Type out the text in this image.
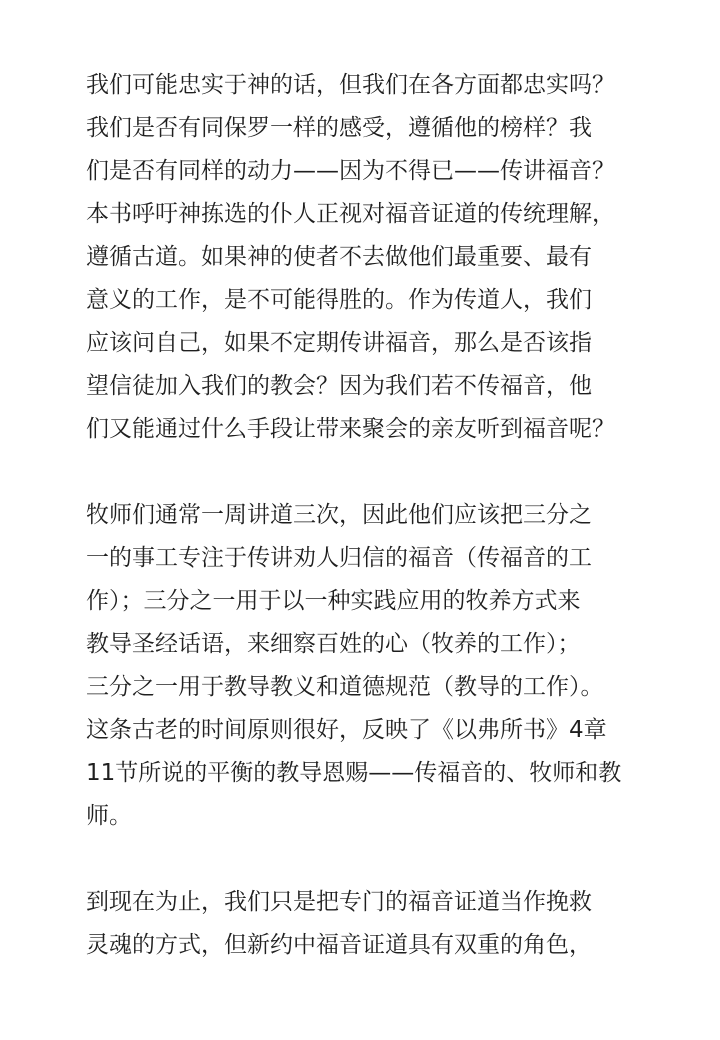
我们可能忠实于神的话，但我们在各方面都忠实吗？
我们是否有同保罗一样的感受，遵循他的榜样？我
们是否有同样的动力——因为不得已——传讲福音？
本书呼吁神拣选的仆人正视对福音证道的传统理解，
遵循古道。如果神的使者不去做他们最重要、最有
意义的工作，是不可能得胜的。作为传道人，我们
应该问自己，如果不定期传讲福音，那么是否该指
望信徒加入我们的教会？因为我们若不传福音，他
们又能通过什么手段让带来聚会的亲友听到福音呢？

牧师们通常一周讲道三次，因此他们应该把三分之
一的事工专注于传讲劝人归信的福音（传福音的工
作）；三分之一用于以一种实践应用的牧养方式来
教导圣经话语，来细察百姓的心（牧养的工作）；
三分之一用于教导教义和道德规范（教导的工作）。
这条古老的时间原则很好，反映了《以弗所书》4章
11节所说的平衡的教导恩赐——传福音的、牧师和教
师。

到现在为止，我们只是把专门的福音证道当作挽救
灵魂的方式，但新约中福音证道具有双重的角色，
